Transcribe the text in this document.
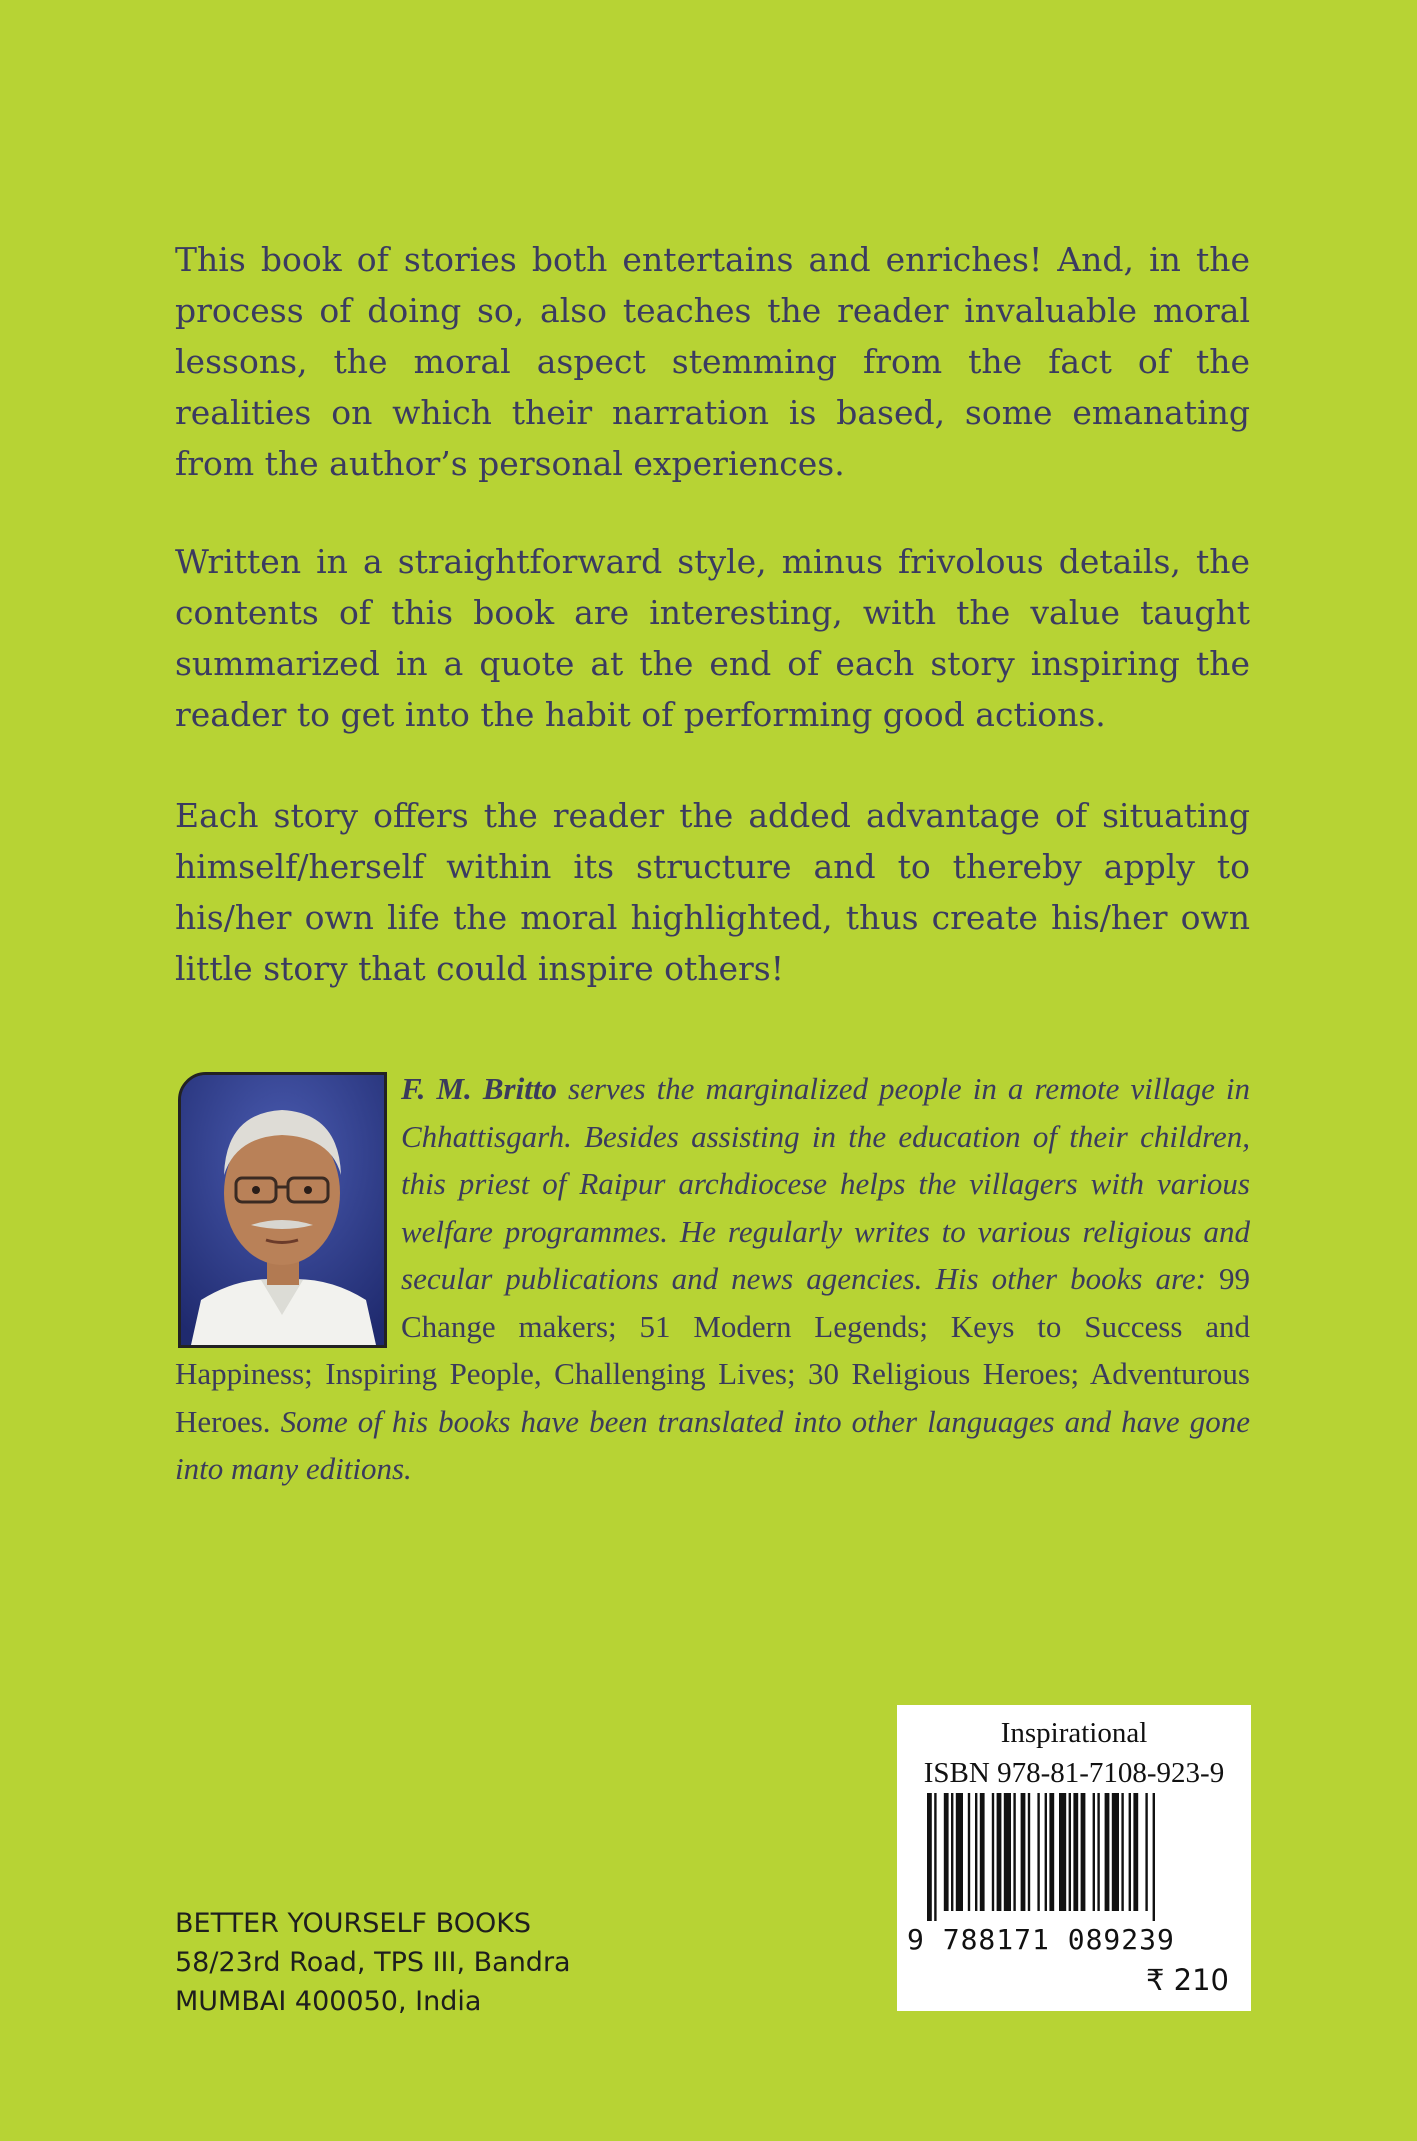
This book of stories both entertains and enriches! And, in the process of doing so, also teaches the reader invaluable moral lessons, the moral aspect stemming from the fact of the realities on which their narration is based, some emanating from the author’s personal experiences.

Written in a straightforward style, minus frivolous details, the contents of this book are interesting, with the value taught summarized in a quote at the end of each story inspiring the reader to get into the habit of performing good actions.

Each story offers the reader the added advantage of situating himself/herself within its structure and to thereby apply to his/her own life the moral highlighted, thus create his/her own little story that could inspire others!

F. M. Britto serves the marginalized people in a remote village in Chhattisgarh. Besides assisting in the education of their children, this priest of Raipur archdiocese helps the villagers with various welfare programmes. He regularly writes to various religious and secular publications and news agencies. His other books are: 99 Change makers; 51 Modern Legends; Keys to Success and Happiness; Inspiring People, Challenging Lives; 30 Religious Heroes; Adventurous Heroes. Some of his books have been translated into other languages and have gone into many editions.

BETTER YOURSELF BOOKS
58/23rd Road, TPS III, Bandra
MUMBAI 400050, India
Inspirational
ISBN 978-81-7108-923-9
9 788171 089239
₹ 210
